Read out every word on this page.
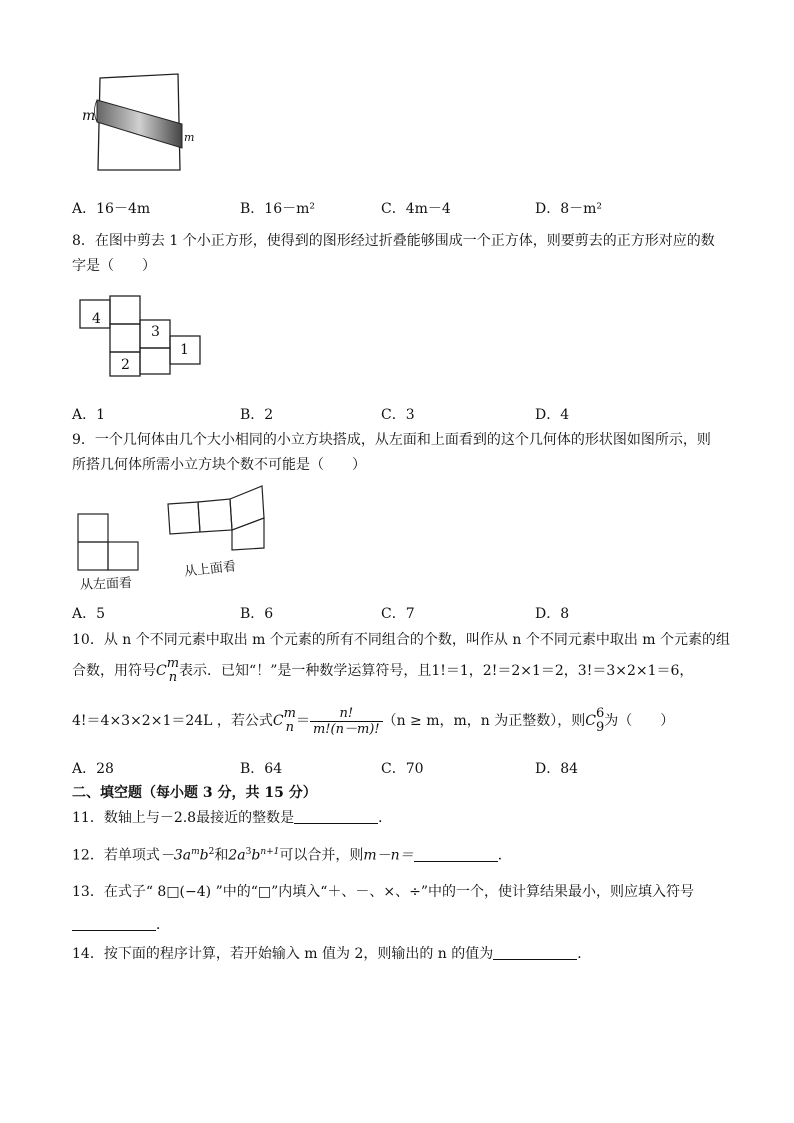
m
m
A．16－4m	B．16－m²	C．4m－4	D．8－m²
8．在图中剪去 1 个小正方形，使得到的图形经过折叠能够围成一个正方体，则要剪去的正方形对应的数
字是（　　）
4
3
1
2
A．1	B．2	C．3	D．4
9．一个几何体由几个大小相同的小立方块搭成，从左面和上面看到的这个几何体的形状图如图所示，则
所搭几何体所需小立方块个数不可能是（　　）
从左面看
从上面看
A．5	B．6	C．7	D．8
10．从 n 个不同元素中取出 m 个元素的所有不同组合的个数，叫作从 n 个不同元素中取出 m 个元素的组
合数，用符号C m
n 表示．已知“！”是一种数学运算符号，且1!＝1，2!＝2×1＝2，3!＝3×2×1＝6，
4!＝4×3×2×1＝24L ，若公式C m
$n = \frac{n!}{m!(n-m)!} (n \ge m$，m，n 为正整数），则C 6
9 为（　　）
A．28	B．64	C．70	D．84
二、填空题（每小题 3 分，共 15 分）
11．数轴上与－2.8最接近的整数是	．
12．若单项式$-3a^mb^2$和$2a^3b^{n+1}$可以合并，则m－n＝	．
13．在式子“ 8□(−4) ”中的“□”内填入“＋、－、×、÷”中的一个，使计算结果最小，则应填入符号
．
14．按下面的程序计算，若开始输入 m 值为 2，则输出的 n 的值为	．
